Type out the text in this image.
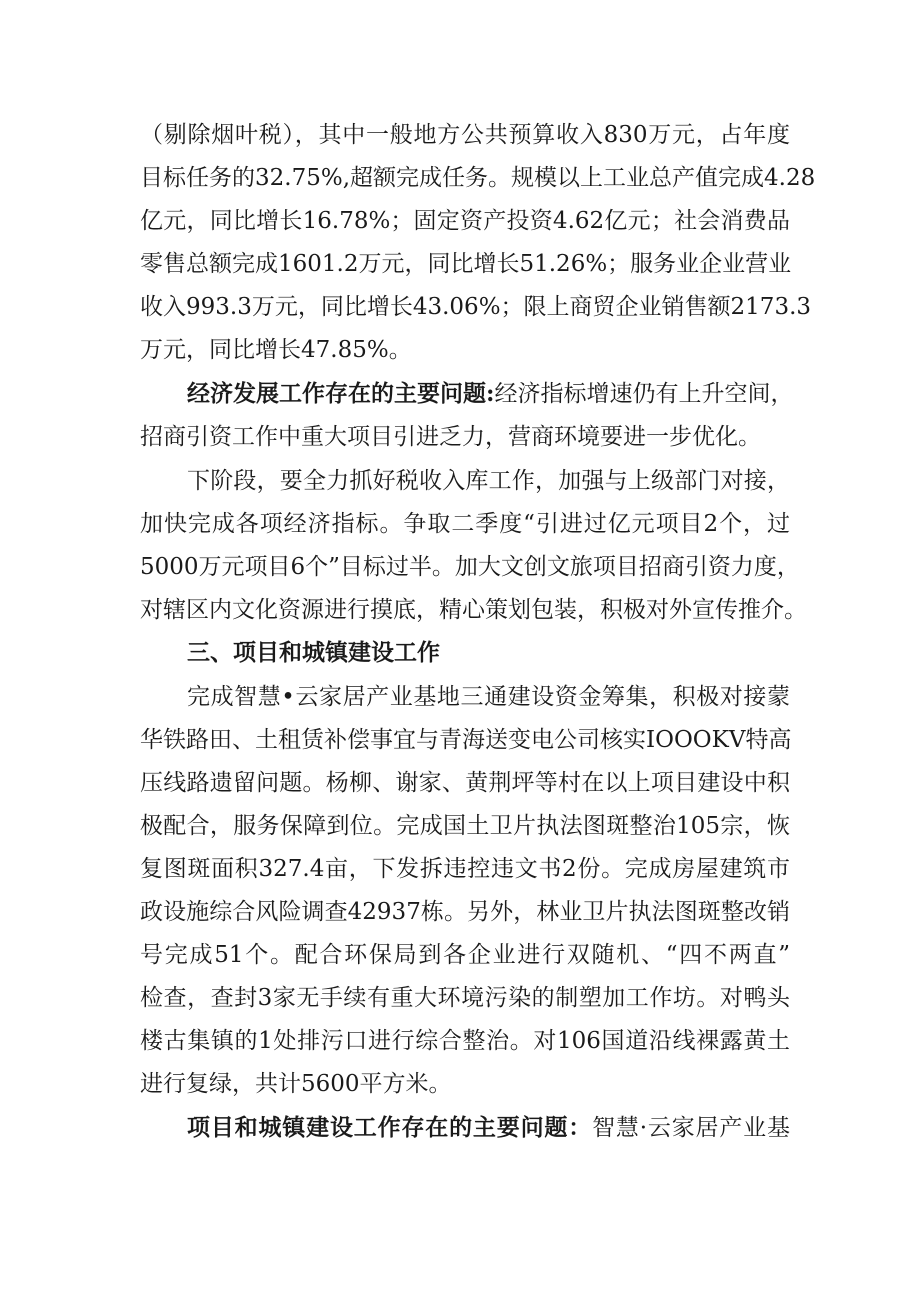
（剔除烟叶税），其中一般地方公共预算收入830万元，占年度
目标任务的32.75%,超额完成任务。规模以上工业总产值完成4.28
亿元，同比增长16.78%；固定资产投资4.62亿元；社会消费品
零售总额完成1601.2万元，同比增长51.26%；服务业企业营业
收入993.3万元，同比增长43.06%；限上商贸企业销售额2173.3
万元，同比增长47.85%。
经济发展工作存在的主要问题:经济指标增速仍有上升空间，
招商引资工作中重大项目引进乏力，营商环境要进一步优化。
下阶段，要全力抓好税收入库工作，加强与上级部门对接，
加快完成各项经济指标。争取二季度“引进过亿元项目2个，过
5000万元项目6个”目标过半。加大文创文旅项目招商引资力度，
对辖区内文化资源进行摸底，精心策划包装，积极对外宣传推介。
三、项目和城镇建设工作
完成智慧•云家居产业基地三通建设资金筹集，积极对接蒙
华铁路田、土租赁补偿事宜与青海送变电公司核实IOOOKV特高
压线路遗留问题。杨柳、谢家、黄荆坪等村在以上项目建设中积
极配合，服务保障到位。完成国土卫片执法图斑整治105宗，恢
复图斑面积327.4亩，下发拆违控违文书2份。完成房屋建筑市
政设施综合风险调查42937栋。另外，林业卫片执法图斑整改销
号完成51个。配合环保局到各企业进行双随机、“四不两直”
检查，查封3家无手续有重大环境污染的制塑加工作坊。对鸭头
楼古集镇的1处排污口进行综合整治。对106国道沿线裸露黄土
进行复绿，共计5600平方米。
项目和城镇建设工作存在的主要问题：智慧·云家居产业基
